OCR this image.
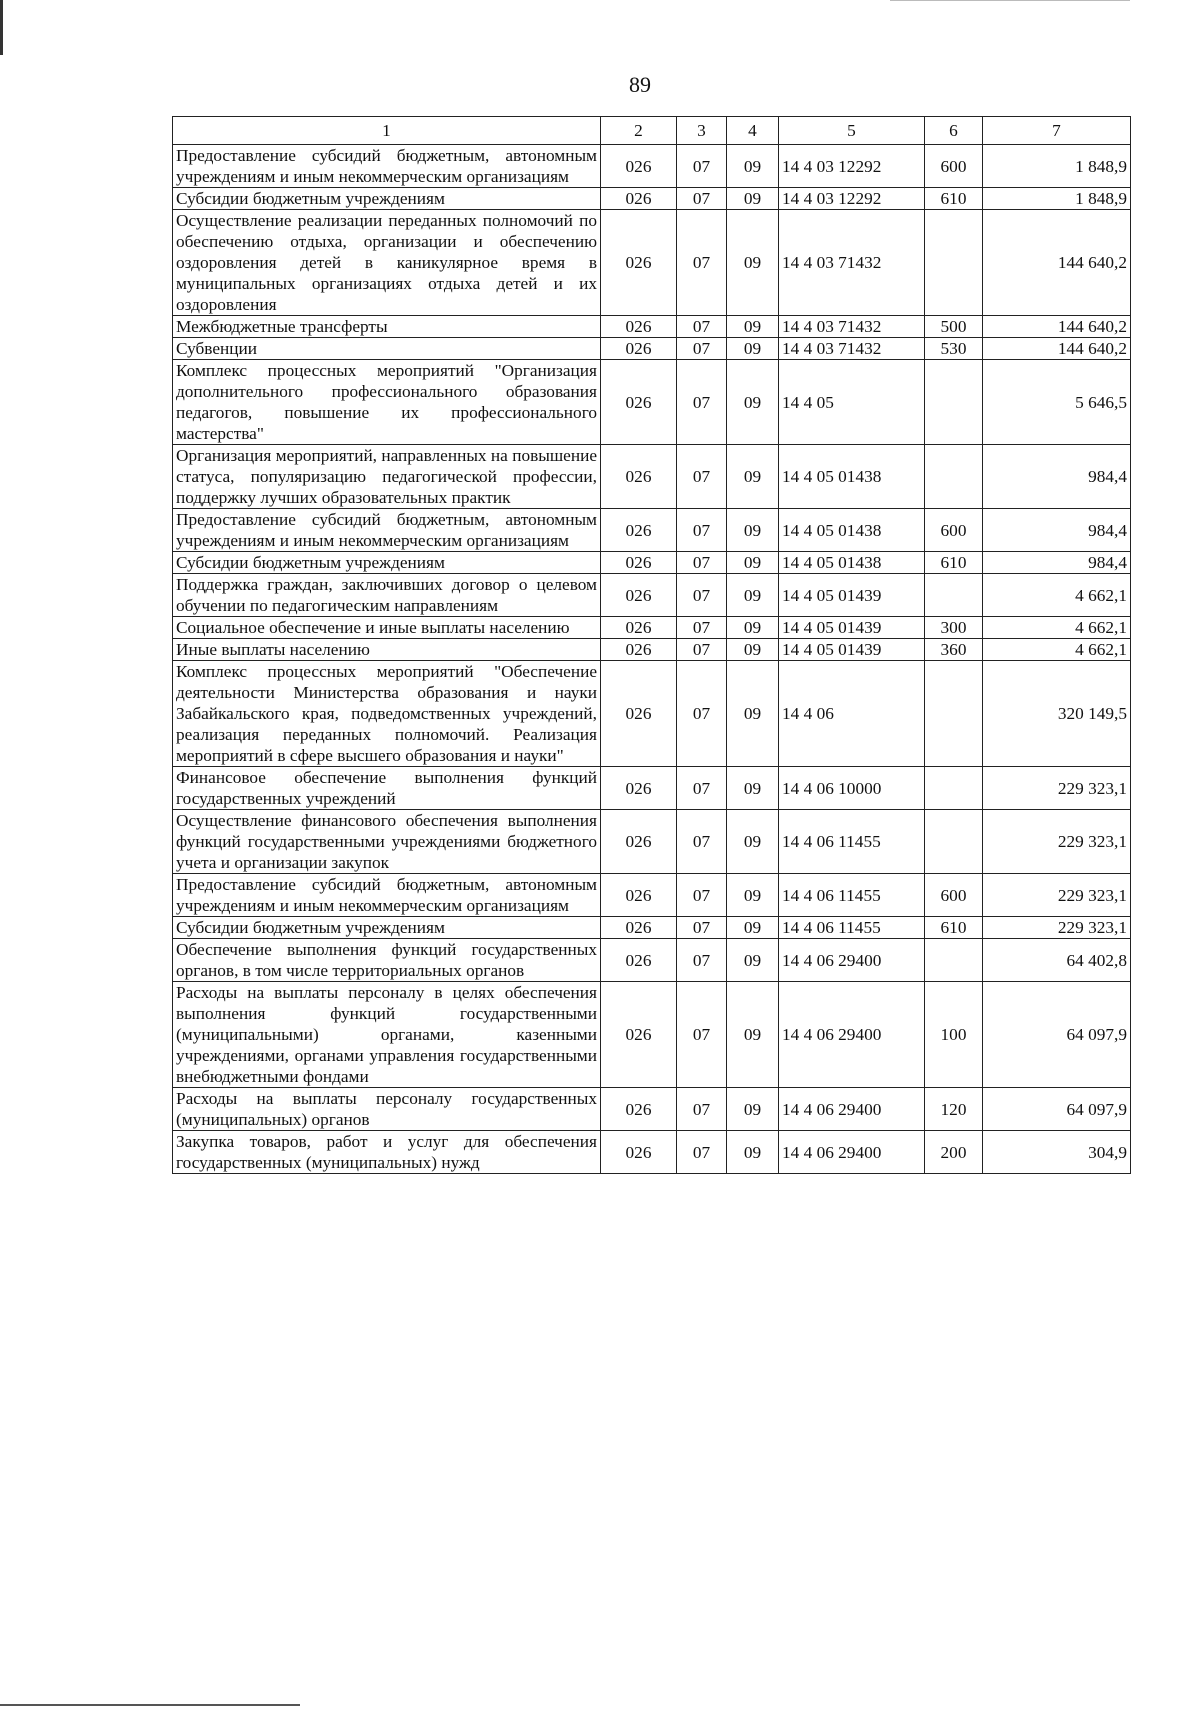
89
1	2	3	4	5	6	7
Предоставление субсидий бюджетным, автономным учреждениям и иным некоммерческим организациям	026	07	09	14 4 03 12292	600	1 848,9
Субсидии бюджетным учреждениям	026	07	09	14 4 03 12292	610	1 848,9
Осуществление реализации переданных полномочий по обеспечению отдыха, организации и обеспечению оздоровления детей в каникулярное время в муниципальных организациях отдыха детей и их оздоровления	026	07	09	14 4 03 71432		144 640,2
Межбюджетные трансферты	026	07	09	14 4 03 71432	500	144 640,2
Субвенции	026	07	09	14 4 03 71432	530	144 640,2
Комплекс процессных мероприятий "Организация дополнительного профессионального образования педагогов, повышение их профессионального мастерства"	026	07	09	14 4 05		5 646,5
Организация мероприятий, направленных на повышение статуса, популяризацию педагогической профессии, поддержку лучших образовательных практик	026	07	09	14 4 05 01438		984,4
Предоставление субсидий бюджетным, автономным учреждениям и иным некоммерческим организациям	026	07	09	14 4 05 01438	600	984,4
Субсидии бюджетным учреждениям	026	07	09	14 4 05 01438	610	984,4
Поддержка граждан, заключивших договор о целевом обучении по педагогическим направлениям	026	07	09	14 4 05 01439		4 662,1
Социальное обеспечение и иные выплаты населению	026	07	09	14 4 05 01439	300	4 662,1
Иные выплаты населению	026	07	09	14 4 05 01439	360	4 662,1
Комплекс процессных мероприятий "Обеспечение деятельности Министерства образования и науки Забайкальского края, подведомственных учреждений, реализация переданных полномочий. Реализация мероприятий в сфере высшего образования и науки"	026	07	09	14 4 06		320 149,5
Финансовое обеспечение выполнения функций государственных учреждений	026	07	09	14 4 06 10000		229 323,1
Осуществление финансового обеспечения выполнения функций государственными учреждениями бюджетного учета и организации закупок	026	07	09	14 4 06 11455		229 323,1
Предоставление субсидий бюджетным, автономным учреждениям и иным некоммерческим организациям	026	07	09	14 4 06 11455	600	229 323,1
Субсидии бюджетным учреждениям	026	07	09	14 4 06 11455	610	229 323,1
Обеспечение выполнения функций государственных органов, в том числе территориальных органов	026	07	09	14 4 06 29400		64 402,8
Расходы на выплаты персоналу в целях обеспечения выполнения функций государственными (муниципальными) органами, казенными учреждениями, органами управления государственными внебюджетными фондами	026	07	09	14 4 06 29400	100	64 097,9
Расходы на выплаты персоналу государственных (муниципальных) органов	026	07	09	14 4 06 29400	120	64 097,9
Закупка товаров, работ и услуг для обеспечения государственных (муниципальных) нужд	026	07	09	14 4 06 29400	200	304,9
